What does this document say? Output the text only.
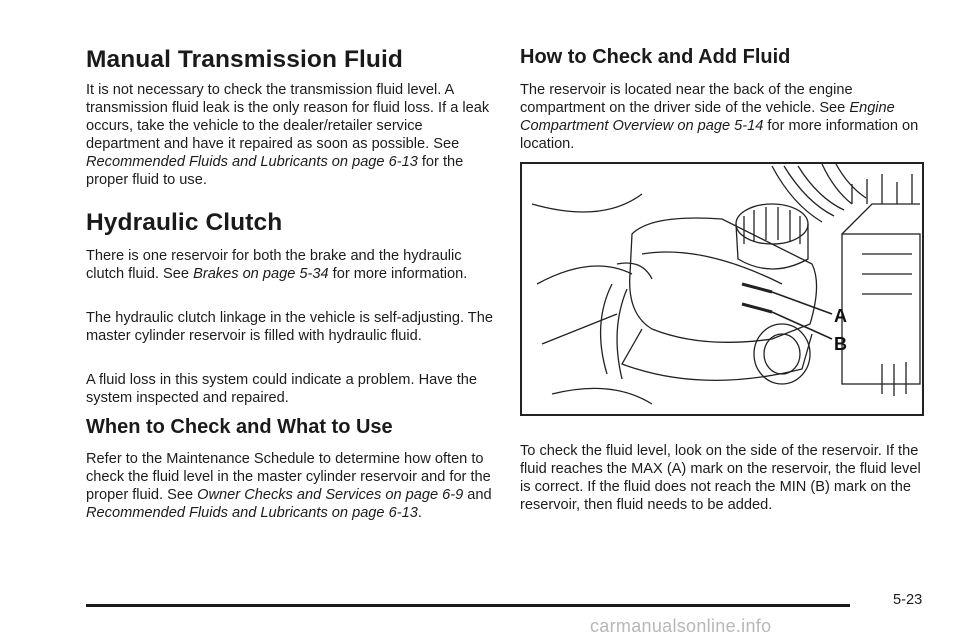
Manual Transmission Fluid

It is not necessary to check the transmission fluid level. A transmission fluid leak is the only reason for fluid loss. If a leak occurs, take the vehicle to the dealer/retailer service department and have it repaired as soon as possible. See Recommended Fluids and Lubricants on page 6-13 for the proper fluid to use.

Hydraulic Clutch

There is one reservoir for both the brake and the hydraulic clutch fluid. See Brakes on page 5-34 for more information.

The hydraulic clutch linkage in the vehicle is self-adjusting. The master cylinder reservoir is filled with hydraulic fluid.

A fluid loss in this system could indicate a problem. Have the system inspected and repaired.

When to Check and What to Use

Refer to the Maintenance Schedule to determine how often to check the fluid level in the master cylinder reservoir and for the proper fluid. See Owner Checks and Services on page 6-9 and Recommended Fluids and Lubricants on page 6-13.

How to Check and Add Fluid

The reservoir is located near the back of the engine compartment on the driver side of the vehicle. See Engine Compartment Overview on page 5-14 for more information on location.

A
B

To check the fluid level, look on the side of the reservoir. If the fluid reaches the MAX (A) mark on the reservoir, the fluid level is correct. If the fluid does not reach the MIN (B) mark on the reservoir, then fluid needs to be added.

5-23
carmanualsonline.info
